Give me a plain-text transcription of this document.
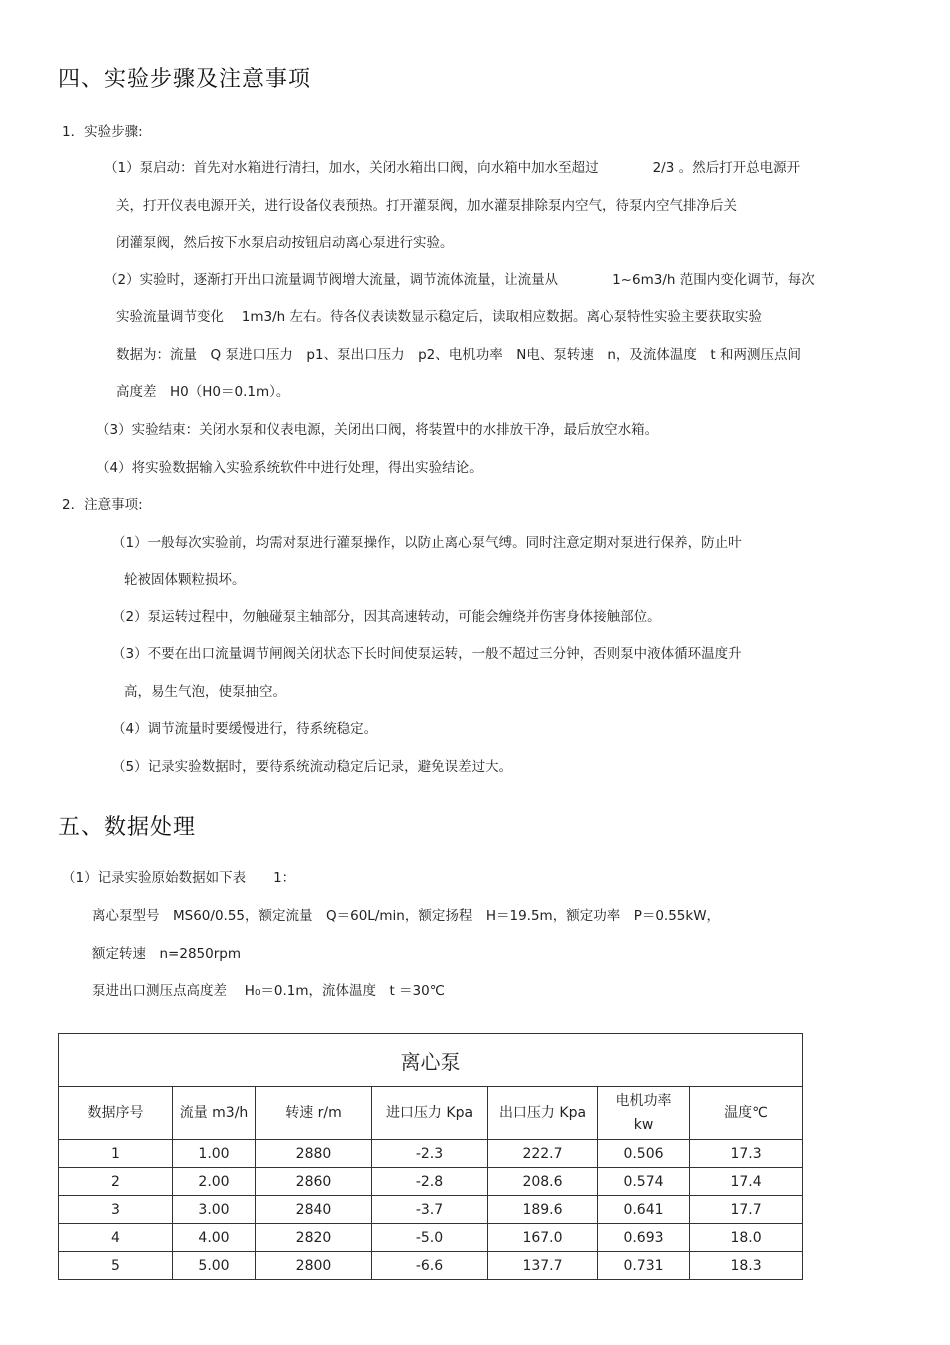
四、实验步骤及注意事项
1．实验步骤:
（1）泵启动：首先对水箱进行清扫，加水，关闭水箱出口阀，向水箱中加水至超过　　　　2/3 。然后打开总电源开
关，打开仪表电源开关，进行设备仪表预热。打开灌泵阀，加水灌泵排除泵内空气，待泵内空气排净后关
闭灌泵阀，然后按下水泵启动按钮启动离心泵进行实验。
（2）实验时，逐渐打开出口流量调节阀增大流量，调节流体流量，让流量从　　　　1~6m3/h 范围内变化调节，每次
实验流量调节变化　 1m3/h 左右。待各仪表读数显示稳定后，读取相应数据。离心泵特性实验主要获取实验
数据为：流量　Q 泵进口压力　p1、泵出口压力　p2、电机功率　N电、泵转速　n，及流体温度　t 和两测压点间
高度差　H0（H0＝0.1m）。
（3）实验结束：关闭水泵和仪表电源，关闭出口阀，将装置中的水排放干净，最后放空水箱。
（4）将实验数据输入实验系统软件中进行处理，得出实验结论。
2．注意事项:
（1）一般每次实验前，均需对泵进行灌泵操作，以防止离心泵气缚。同时注意定期对泵进行保养，防止叶
轮被固体颗粒损坏。
（2）泵运转过程中，勿触碰泵主轴部分，因其高速转动，可能会缠绕并伤害身体接触部位。
（3）不要在出口流量调节闸阀关闭状态下长时间使泵运转，一般不超过三分钟，否则泵中液体循环温度升
高，易生气泡，使泵抽空。
（4）调节流量时要缓慢进行，待系统稳定。
（5）记录实验数据时，要待系统流动稳定后记录，避免误差过大。
五、数据处理
（1）记录实验原始数据如下表　　1：
离心泵型号　MS60/0.55，额定流量　Q＝60L/min，额定扬程　H＝19.5m，额定功率　P＝0.55kW，
额定转速　n=2850rpm
泵进出口测压点高度差　 H₀＝0.1m，流体温度　t ＝30℃
离心泵						
数据序号	流量 m3/h	转速 r/m	进口压力 Kpa	出口压力 Kpa	电机功率 kw	温度℃
1	1.00	2880	-2.3	222.7	0.506	17.3
2	2.00	2860	-2.8	208.6	0.574	17.4
3	3.00	2840	-3.7	189.6	0.641	17.7
4	4.00	2820	-5.0	167.0	0.693	18.0
5	5.00	2800	-6.6	137.7	0.731	18.3
